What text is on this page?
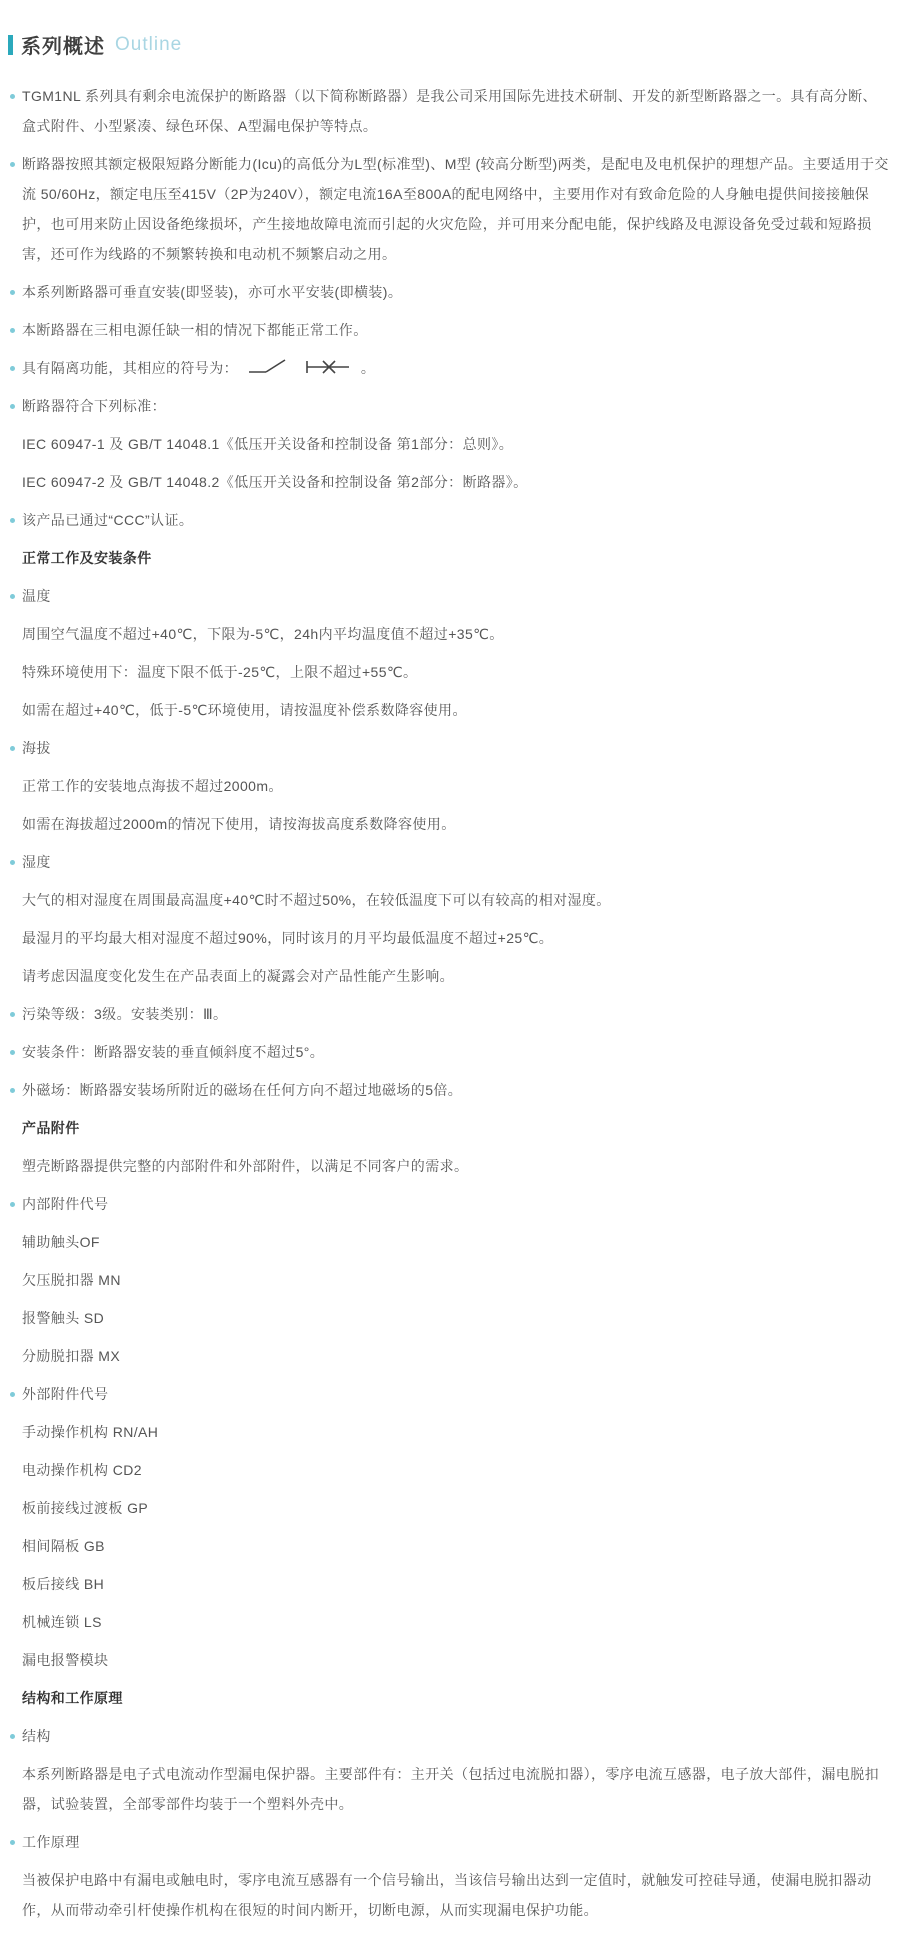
系列概述 Outline
TGM1NL 系列具有剩余电流保护的断路器（以下简称断路器）是我公司采用国际先进技术研制、开发的新型断路器之一。具有高分断、盒式附件、小型紧凑、绿色环保、A型漏电保护等特点。
断路器按照其额定极限短路分断能力(Icu)的高低分为L型(标准型)、M型 (较高分断型)两类，是配电及电机保护的理想产品。主要适用于交流 50/60Hz，额定电压至415V（2P为240V），额定电流16A至800A的配电网络中，主要用作对有致命危险的人身触电提供间接接触保护，也可用来防止因设备绝缘损坏，产生接地故障电流而引起的火灾危险，并可用来分配电能，保护线路及电源设备免受过载和短路损害，还可作为线路的不频繁转换和电动机不频繁启动之用。
本系列断路器可垂直安装(即竖装)，亦可水平安装(即横装)。
本断路器在三相电源任缺一相的情况下都能正常工作。
具有隔离功能，其相应的符号为：
	。
断路器符合下列标准：
IEC 60947-1 及 GB/T 14048.1《低压开关设备和控制设备 第1部分：总则》。
IEC 60947-2 及 GB/T 14048.2《低压开关设备和控制设备 第2部分：断路器》。
该产品已通过“CCC”认证。
正常工作及安装条件
温度
周围空气温度不超过+40℃，下限为-5℃，24h内平均温度值不超过+35℃。
特殊环境使用下：温度下限不低于-25℃，上限不超过+55℃。
如需在超过+40℃，低于-5℃环境使用，请按温度补偿系数降容使用。
海拔
正常工作的安装地点海拔不超过2000m。
如需在海拔超过2000m的情况下使用，请按海拔高度系数降容使用。
湿度
大气的相对湿度在周围最高温度+40℃时不超过50%，在较低温度下可以有较高的相对湿度。
最湿月的平均最大相对湿度不超过90%，同时该月的月平均最低温度不超过+25℃。
请考虑因温度变化发生在产品表面上的凝露会对产品性能产生影响。
污染等级：3级。安装类别：Ⅲ。
安装条件：断路器安装的垂直倾斜度不超过5°。
外磁场：断路器安装场所附近的磁场在任何方向不超过地磁场的5倍。
产品附件
塑壳断路器提供完整的内部附件和外部附件，以满足不同客户的需求。
内部附件代号
辅助触头OF
欠压脱扣器 MN
报警触头 SD
分励脱扣器 MX
外部附件代号
手动操作机构 RN/AH
电动操作机构 CD2
板前接线过渡板 GP
相间隔板 GB
板后接线 BH
机械连锁 LS
漏电报警模块
结构和工作原理
结构
本系列断路器是电子式电流动作型漏电保护器。主要部件有：主开关（包括过电流脱扣器），零序电流互感器，电子放大部件，漏电脱扣器，试验装置，全部零部件均装于一个塑料外壳中。
工作原理
当被保护电路中有漏电或触电时，零序电流互感器有一个信号输出，当该信号输出达到一定值时，就触发可控硅导通，使漏电脱扣器动作，从而带动牵引杆使操作机构在很短的时间内断开，切断电源，从而实现漏电保护功能。
